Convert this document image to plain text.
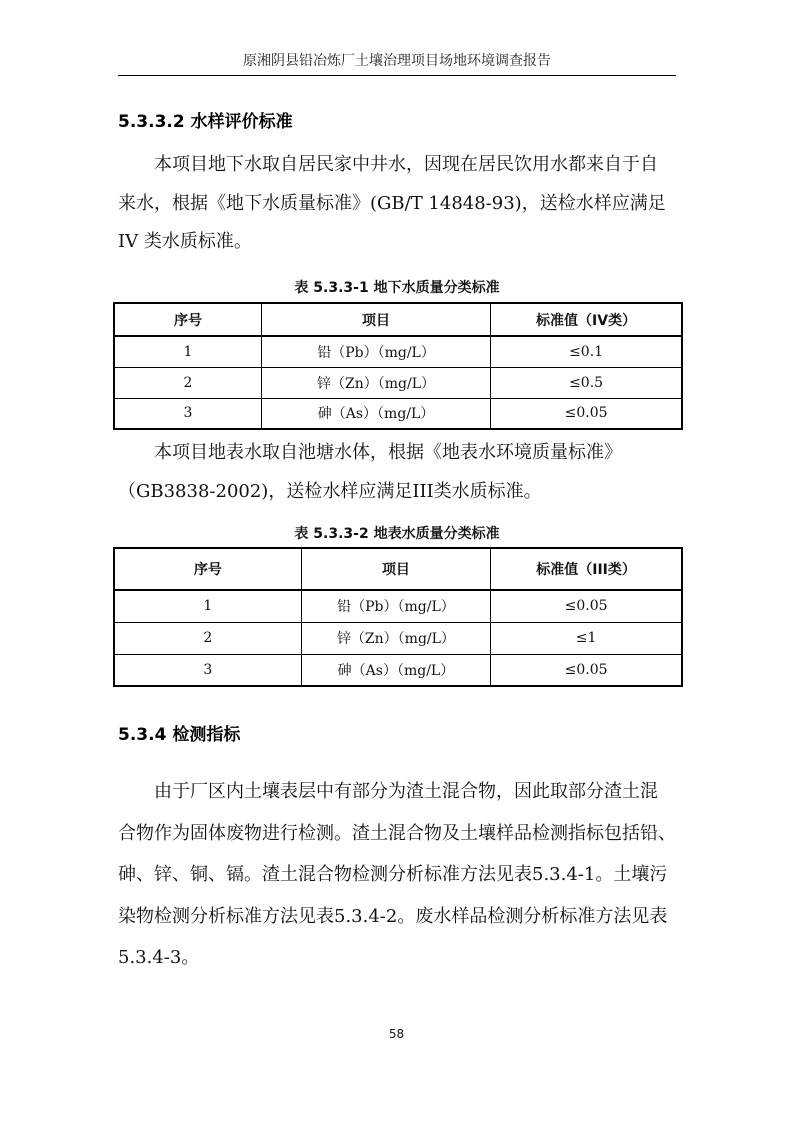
原湘阴县铅冶炼厂土壤治理项目场地环境调查报告
5.3.3.2 水样评价标准

本项目地下水取自居民家中井水，因现在居民饮用水都来自于自
来水，根据《地下水质量标准》(GB/T 14848-93)，送检水样应满足
IV 类水质标准。

表 5.3.3-1 地下水质量分类标准
序号	项目	标准值（IV类）
1	铅（Pb）（mg/L）	≤0.1
2	锌（Zn）（mg/L）	≤0.5
3	砷（As）（mg/L）	≤0.05

本项目地表水取自池塘水体，根据《地表水环境质量标准》
（GB3838-2002)，送检水样应满足III类水质标准。

表 5.3.3-2 地表水质量分类标准
序号	项目	标准值（III类）
1	铅（Pb）（mg/L）	≤0.05
2	锌（Zn）（mg/L）	≤1
3	砷（As）（mg/L）	≤0.05
5.3.4 检测指标

由于厂区内土壤表层中有部分为渣土混合物，因此取部分渣土混
合物作为固体废物进行检测。渣土混合物及土壤样品检测指标包括铅、
砷、锌、铜、镉。渣土混合物检测分析标准方法见表5.3.4-1。土壤污
染物检测分析标准方法见表5.3.4-2。废水样品检测分析标准方法见表
5.3.4-3。

58
